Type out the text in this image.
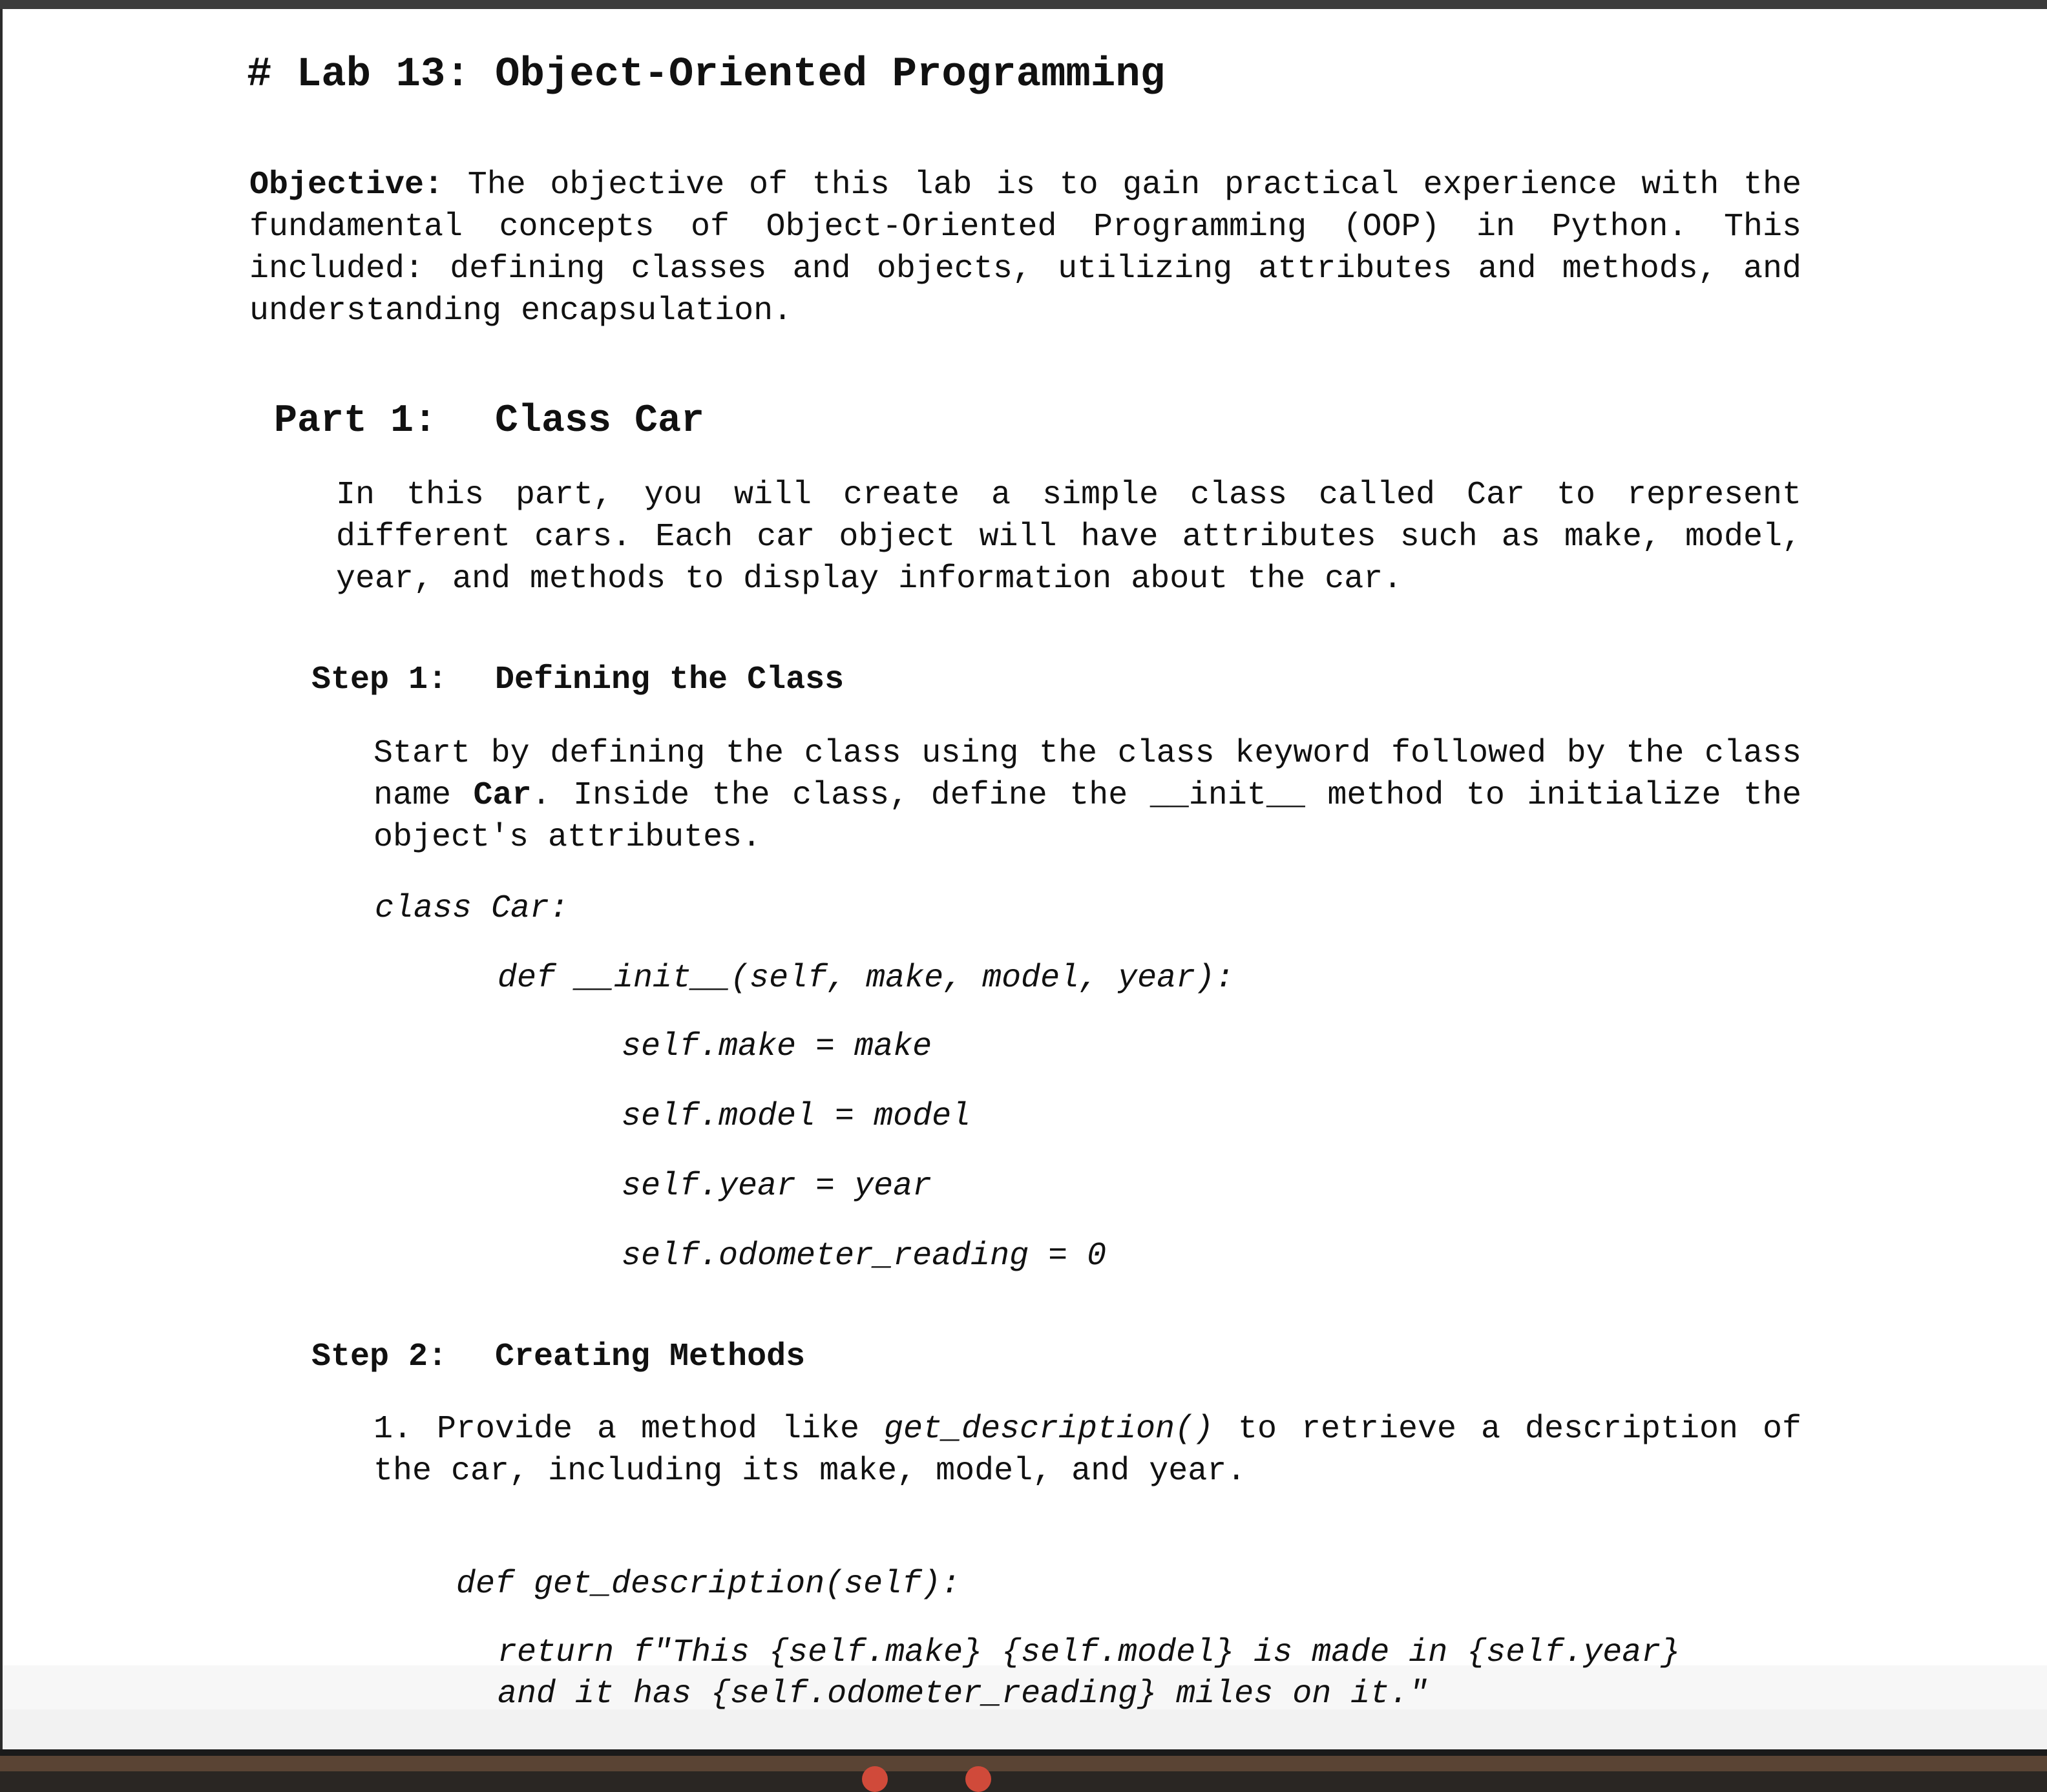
# Lab 13: Object-Oriented Programming

Objective: The objective of this lab is to gain practical experience with the fundamental concepts of Object-Oriented Programming (OOP) in Python. This included: defining classes and objects, utilizing attributes and methods, and understanding encapsulation.

Part 1: Class Car

In this part, you will create a simple class called Car to represent different cars. Each car object will have attributes such as make, model, year, and methods to display information about the car.

Step 1: Defining the Class

Start by defining the class using the class keyword followed by the class name Car. Inside the class, define the __init__ method to initialize the object's attributes.

class Car:

def __init__(self, make, model, year):

self.make = make

self.model = model

self.year = year

self.odometer_reading = 0

Step 2: Creating Methods

1. Provide a method like get_description() to retrieve a description of the car, including its make, model, and year.

def get_description(self):

return f"This {self.make} {self.model} is made in {self.year}

and it has {self.odometer_reading} miles on it."
